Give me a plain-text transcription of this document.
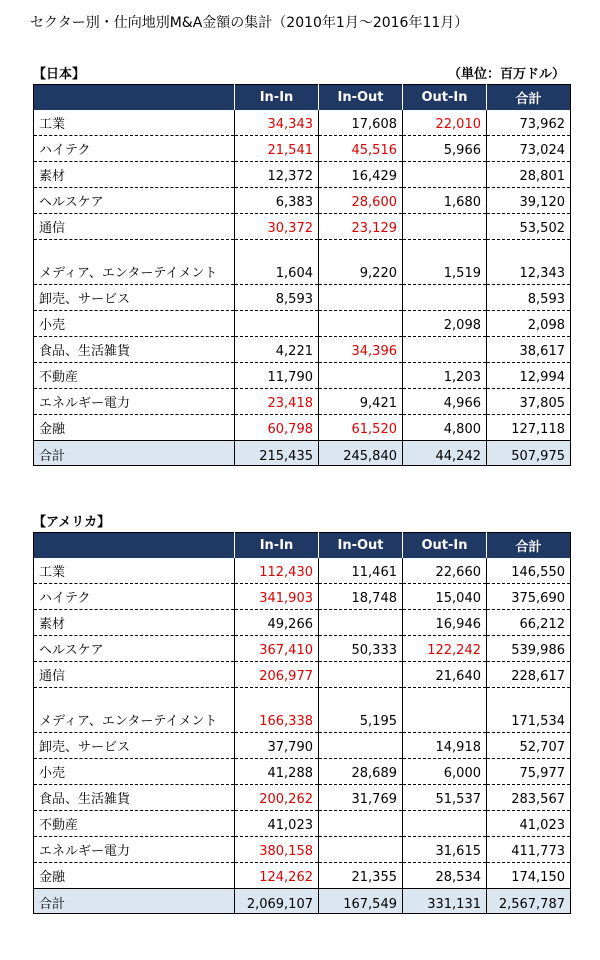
セクター別・仕向地別M&A金額の集計（2010年1月〜2016年11月）
【日本】	（単位：百万ドル）
	In-In	In-Out	Out-In	合計
工業	34,343	17,608	22,010	73,962
ハイテク	21,541	45,516	5,966	73,024
素材	12,372	16,429		28,801
ヘルスケア	6,383	28,600	1,680	39,120
通信	30,372	23,129		53,502
メディア、エンターテイメント	1,604	9,220	1,519	12,343
卸売、サービス	8,593			8,593
小売			2,098	2,098
食品、生活雑貨	4,221	34,396		38,617
不動産	11,790		1,203	12,994
エネルギー電力	23,418	9,421	4,966	37,805
金融	60,798	61,520	4,800	127,118
合計	215,435	245,840	44,242	507,975
【アメリカ】
	In-In	In-Out	Out-In	合計
工業	112,430	11,461	22,660	146,550
ハイテク	341,903	18,748	15,040	375,690
素材	49,266		16,946	66,212
ヘルスケア	367,410	50,333	122,242	539,986
通信	206,977		21,640	228,617
メディア、エンターテイメント	166,338	5,195		171,534
卸売、サービス	37,790		14,918	52,707
小売	41,288	28,689	6,000	75,977
食品、生活雑貨	200,262	31,769	51,537	283,567
不動産	41,023			41,023
エネルギー電力	380,158		31,615	411,773
金融	124,262	21,355	28,534	174,150
合計	2,069,107	167,549	331,131	2,567,787
